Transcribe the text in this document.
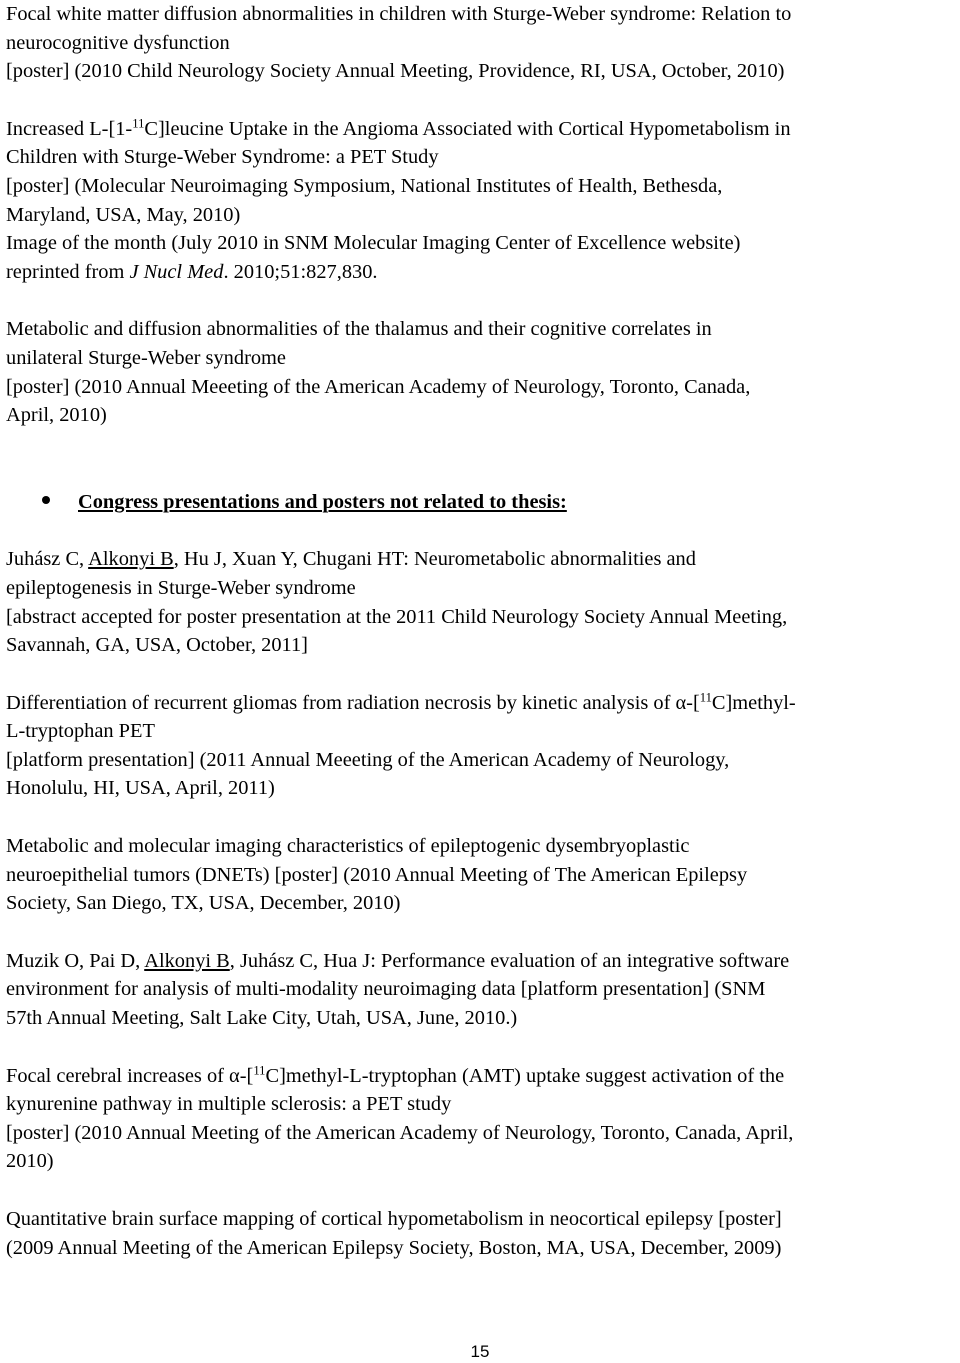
Focal white matter diffusion abnormalities in children with Sturge-Weber syndrome: Relation to
neurocognitive dysfunction
[poster] (2010 Child Neurology Society Annual Meeting, Providence, RI, USA, October, 2010)
Increased L-[1-$^{11}$C]leucine Uptake in the Angioma Associated with Cortical Hypometabolism in
Children with Sturge-Weber Syndrome: a PET Study
[poster] (Molecular Neuroimaging Symposium, National Institutes of Health, Bethesda,
Maryland, USA, May, 2010)
Image of the month (July 2010 in SNM Molecular Imaging Center of Excellence website)
reprinted from J Nucl Med. 2010;51:827,830.
Metabolic and diffusion abnormalities of the thalamus and their cognitive correlates in
unilateral Sturge-Weber syndrome
[poster] (2010 Annual Meeeting of the American Academy of Neurology, Toronto, Canada,
April, 2010)
Congress presentations and posters not related to thesis:
Juhász C, Alkonyi B, Hu J, Xuan Y, Chugani HT: Neurometabolic abnormalities and
epileptogenesis in Sturge-Weber syndrome
[abstract accepted for poster presentation at the 2011 Child Neurology Society Annual Meeting,
Savannah, GA, USA, October, 2011]
Differentiation of recurrent gliomas from radiation necrosis by kinetic analysis of α-[$^{11}$C]methyl-
L-tryptophan PET
[platform presentation] (2011 Annual Meeeting of the American Academy of Neurology,
Honolulu, HI, USA, April, 2011)
Metabolic and molecular imaging characteristics of epileptogenic dysembryoplastic
neuroepithelial tumors (DNETs) [poster] (2010 Annual Meeting of The American Epilepsy
Society, San Diego, TX, USA, December, 2010)
Muzik O, Pai D, Alkonyi B, Juhász C, Hua J: Performance evaluation of an integrative software
environment for analysis of multi-modality neuroimaging data [platform presentation] (SNM
57th Annual Meeting, Salt Lake City, Utah, USA, June, 2010.)
Focal cerebral increases of α-[$^{11}$C]methyl-L-tryptophan (AMT) uptake suggest activation of the
kynurenine pathway in multiple sclerosis: a PET study
[poster] (2010 Annual Meeting of the American Academy of Neurology, Toronto, Canada, April,
2010)
Quantitative brain surface mapping of cortical hypometabolism in neocortical epilepsy [poster]
(2009 Annual Meeting of the American Epilepsy Society, Boston, MA, USA, December, 2009)
15
